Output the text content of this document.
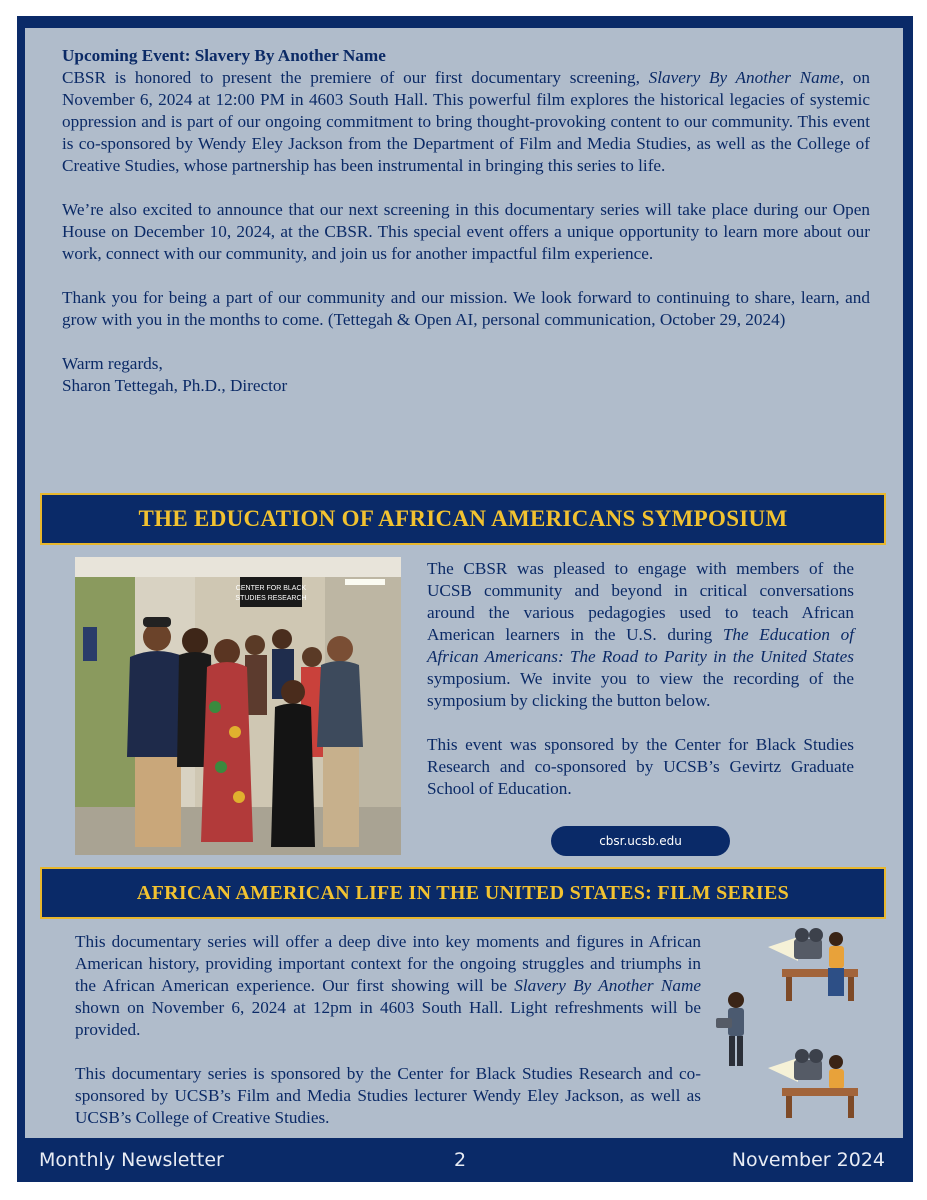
Upcoming Event: Slavery By Another Name
CBSR is honored to present the premiere of our first documentary screening, Slavery By Another Name, on November 6, 2024 at 12:00 PM in 4603 South Hall. This powerful film explores the historical legacies of systemic oppression and is part of our ongoing commitment to bring thought-provoking content to our community. This event is co-sponsored by Wendy Eley Jackson from the Department of Film and Media Studies, as well as the College of Creative Studies, whose partnership has been instrumental in bringing this series to life.

We’re also excited to announce that our next screening in this documentary series will take place during our Open House on December 10, 2024, at the CBSR. This special event offers a unique opportunity to learn more about our work, connect with our community, and join us for another impactful film experience.

Thank you for being a part of our community and our mission. We look forward to continuing to share, learn, and grow with you in the months to come. (Tettegah & Open AI, personal communication, October 29, 2024)

Warm regards,
Sharon Tettegah, Ph.D., Director

THE EDUCATION OF AFRICAN AMERICANS SYMPOSIUM
CENTER FOR BLACK
STUDIES RESEARCH

The CBSR was pleased to engage with members of the UCSB community and beyond in critical conversations around the various pedagogies used to teach African American learners in the U.S. during The Education of African Americans: The Road to Parity in the United States symposium. We invite you to view the recording of the symposium by clicking the button below.

This event was sponsored by the Center for Black Studies Research and co-sponsored by UCSB’s Gevirtz Graduate School of Education.

cbsr.ucsb.edu
AFRICAN AMERICAN LIFE IN THE UNITED STATES: FILM SERIES

This documentary series will offer a deep dive into key moments and figures in African American history, providing important context for the ongoing struggles and triumphs in the African American experience. Our first showing will be Slavery By Another Name shown on November 6, 2024 at 12pm in 4603 South Hall. Light refreshments will be provided.

This documentary series is sponsored by the Center for Black Studies Research and co-sponsored by UCSB’s Film and Media Studies lecturer Wendy Eley Jackson, as well as UCSB’s College of Creative Studies.

Monthly Newsletter	2	November 2024
